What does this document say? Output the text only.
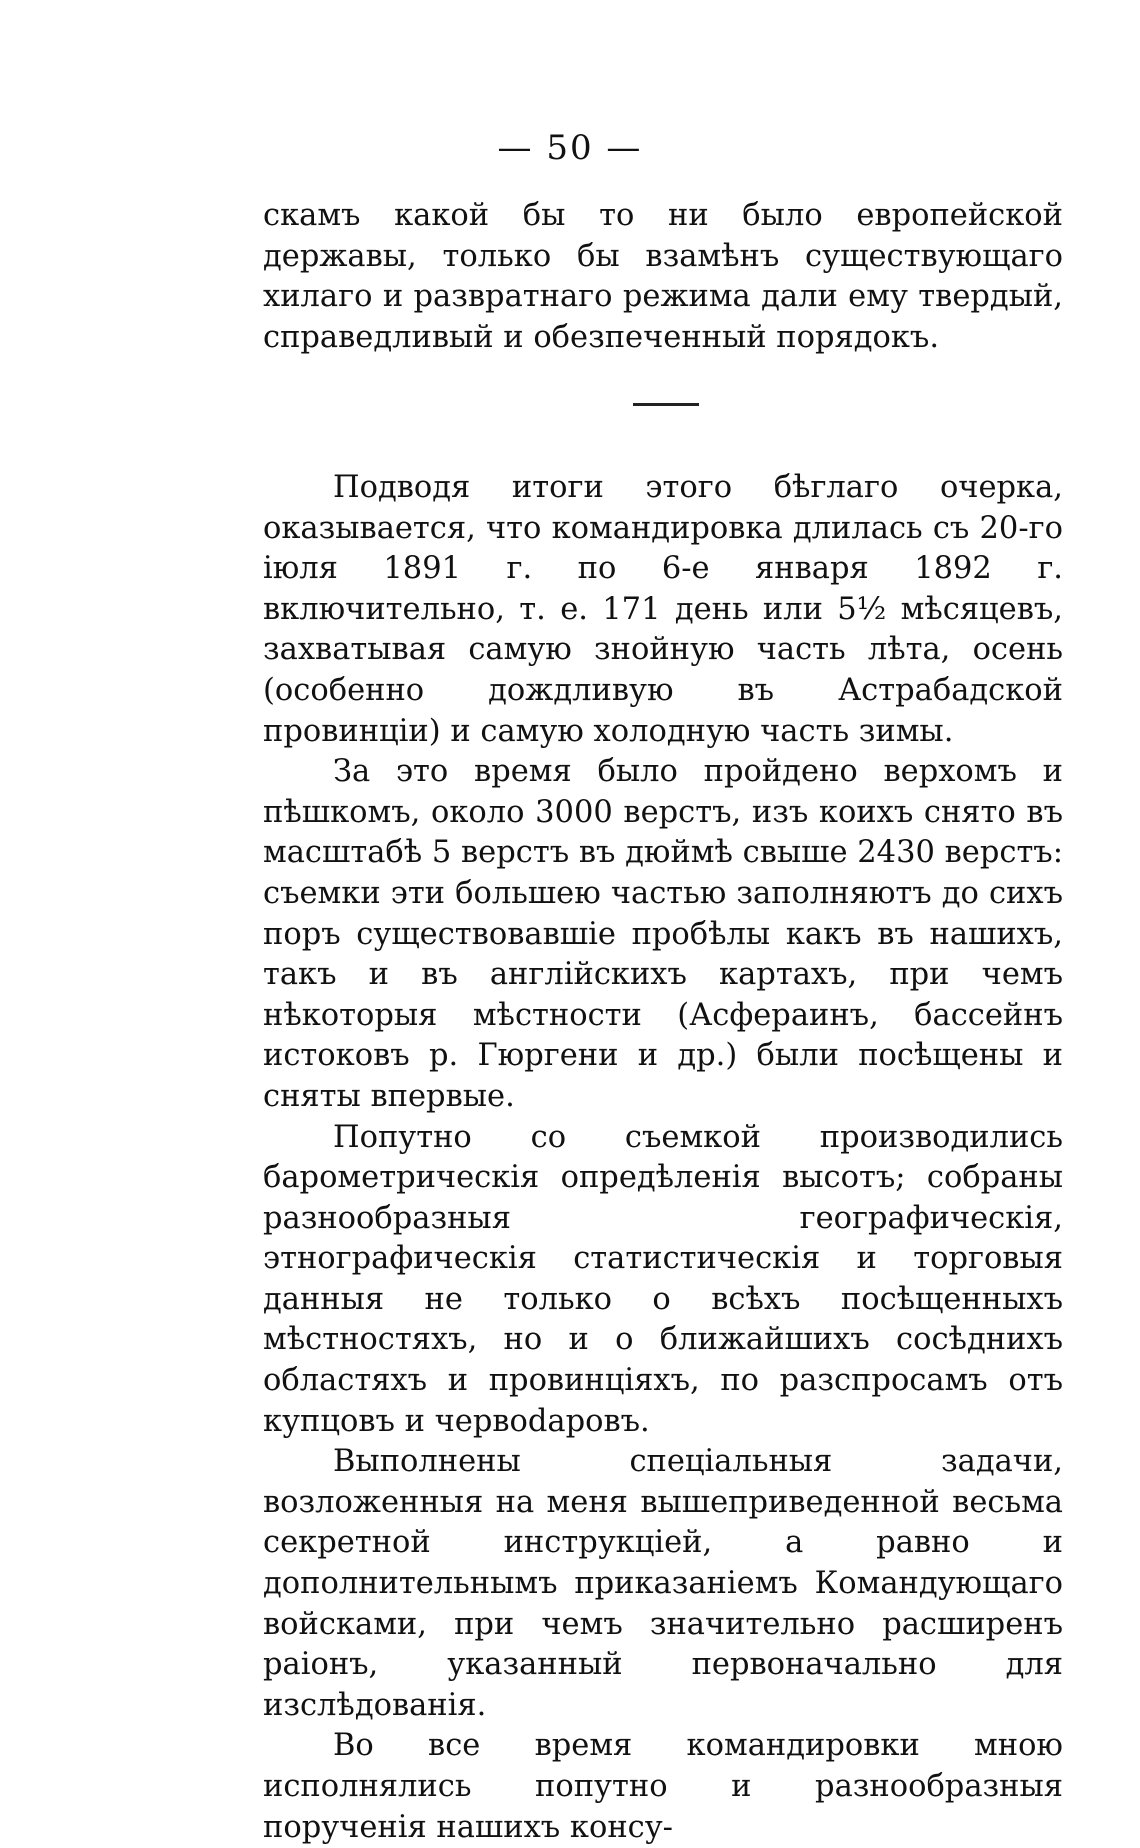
— 50 —

скамъ какой бы то ни было европейской державы, только бы взамѣнъ существующаго хилаго и развратнаго режима дали ему твердый, справедливый и обезпеченный порядокъ.

Подводя итоги этого бѣглаго очерка, оказывается, что командировка длилась съ 20-го іюля 1891 г. по 6-е января 1892 г. включительно, т. е. 171 день или 5½ мѣсяцевъ, захватывая самую знойную часть лѣта, осень (особенно дождливую въ Астрабадской провинціи) и самую холодную часть зимы.

За это время было пройдено верхомъ и пѣшкомъ, около 3000 верстъ, изъ коихъ снято въ масштабѣ 5 верстъ въ дюймѣ свыше 2430 верстъ: съемки эти большею частью заполняютъ до сихъ поръ существовавшіе пробѣлы какъ въ нашихъ, такъ и въ англійскихъ картахъ, при чемъ нѣкоторыя мѣстности (Асфераинъ, бассейнъ истоковъ р. Гюргени и др.) были посѣщены и сняты впервые.

Попутно со съемкой производились барометрическія опредѣленія высотъ; собраны разнообразныя географическія, этнографическія статистическія и торговыя данныя не только о всѣхъ посѣщенныхъ мѣстностяхъ, но и о ближайшихъ сосѣднихъ областяхъ и провинціяхъ, по разспросамъ отъ купцовъ и червodаровъ.

Выполнены спеціальныя задачи, возложенныя на меня вышеприведенной весьма секретной инструкціей, а равно и дополнительнымъ приказаніемъ Командующаго войсками, при чемъ значительно расширенъ раіонъ, указанный первоначально для изслѣдованія.

Во все время командировки мною исполнялись попутно и разнообразныя порученія нашихъ консу-
